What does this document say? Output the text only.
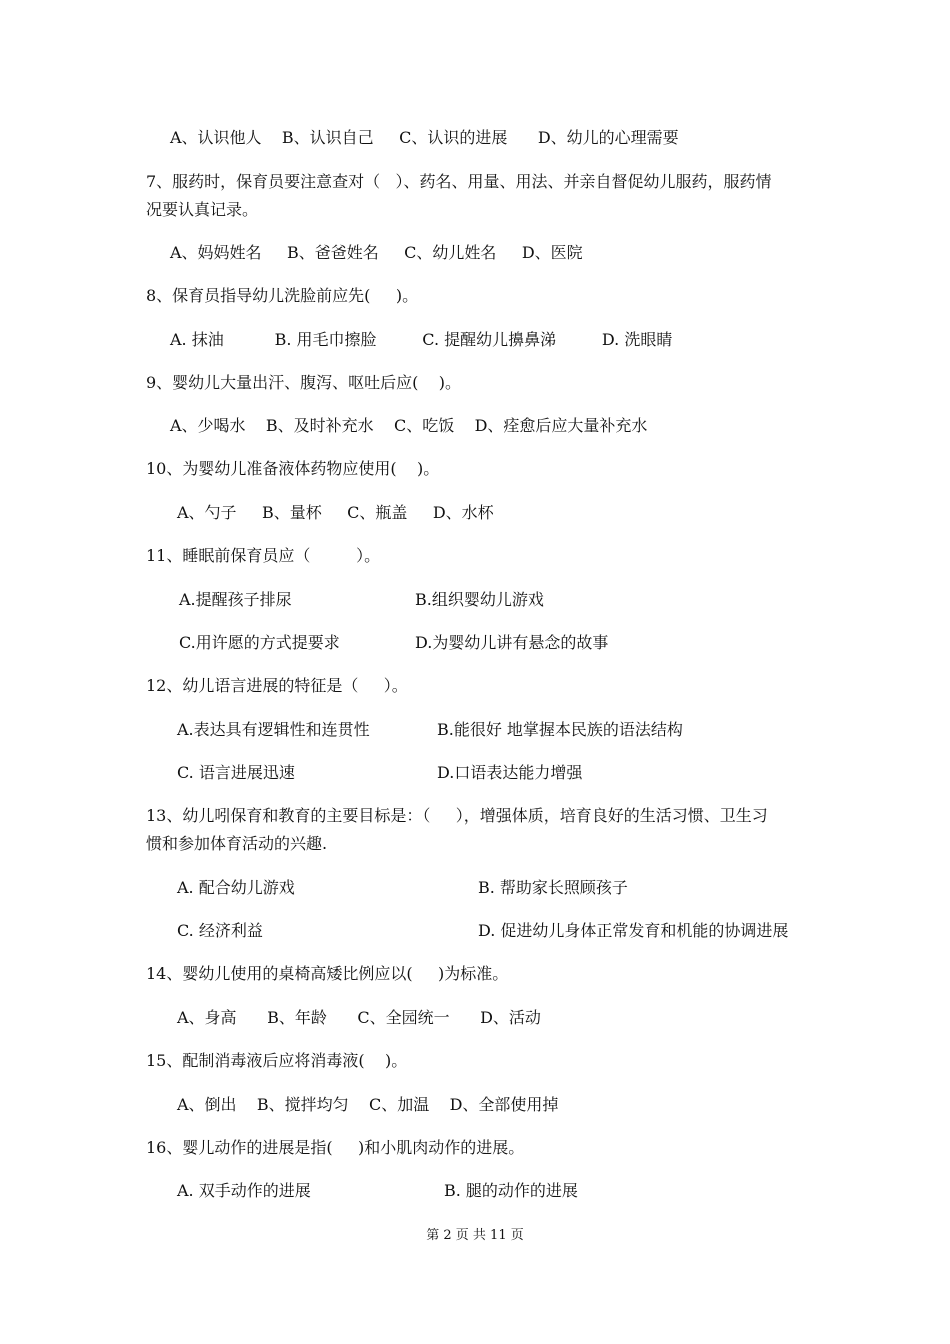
A、认识他人    B、认识自己     C、认识的进展      D、幼儿的心理需要
7、服药时，保育员要注意查对（   ）、药名、用量、用法、并亲自督促幼儿服药，服药情
况要认真记录。
A、妈妈姓名     B、爸爸姓名     C、幼儿姓名     D、医院
8、保育员指导幼儿洗脸前应先(     )。
A. 抹油          B. 用毛巾擦脸         C. 提醒幼儿擤鼻涕         D. 洗眼睛
9、婴幼儿大量出汗、腹泻、呕吐后应(    )。
A、少喝水    B、及时补充水    C、吃饭    D、痊愈后应大量补充水
10、为婴幼儿准备液体药物应使用(    )。
A、勺子     B、量杯     C、瓶盖     D、水杯
11、睡眠前保育员应（         ）。
A.提醒孩子排尿	B.组织婴幼儿游戏
C.用许愿的方式提要求	D.为婴幼儿讲有悬念的故事
12、幼儿语言进展的特征是（     ）。
A.表达具有逻辑性和连贯性	B.能很好 地掌握本民族的语法结构
C. 语言进展迅速	D.口语表达能力增强
13、幼儿吲保育和教育的主要目标是：（     ），增强体质，培育良好的生活习惯、卫生习
惯和参加体育活动的兴趣.
A. 配合幼儿游戏	B. 帮助家长照顾孩子
C. 经济利益	D. 促进幼儿身体正常发育和机能的协调进展
14、婴幼儿使用的桌椅高矮比例应以(     )为标准。
A、身高      B、年龄      C、全园统一      D、活动
15、配制消毒液后应将消毒液(    )。
A、倒出    B、搅拌均匀    C、加温    D、全部使用掉
16、婴儿动作的进展是指(     )和小肌肉动作的进展。
A. 双手动作的进展	B. 腿的动作的进展
第 2 页 共 11 页
